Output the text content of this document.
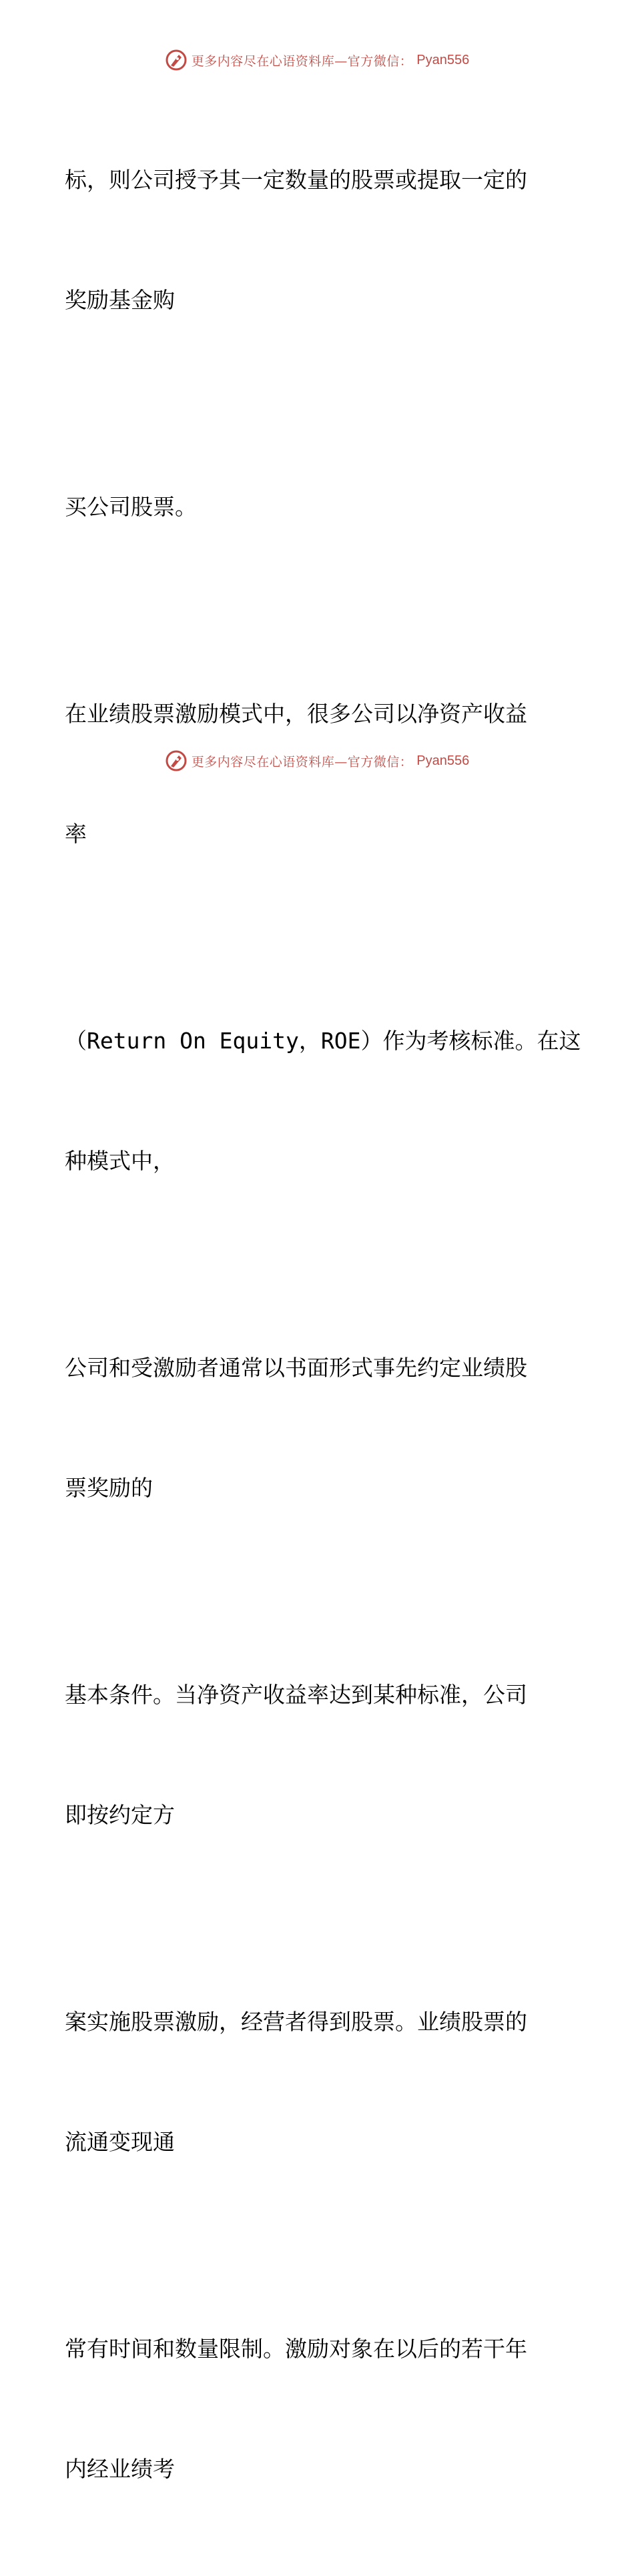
更多内容尽在心语资料库—官方微信： Pyan556

标，则公司授予其一定数量的股票或提取一定的

奖励基金购

买公司股票。

在业绩股票激励模式中，很多公司以净资产收益

率

（Return On Equity，ROE）作为考核标准。在这

种模式中，

公司和受激励者通常以书面形式事先约定业绩股

票奖励的

基本条件。当净资产收益率达到某种标准，公司

即按约定方

案实施股票激励，经营者得到股票。业绩股票的

流通变现通

常有时间和数量限制。激励对象在以后的若干年

内经业绩考

更多内容尽在心语资料库—官方微信： Pyan556
